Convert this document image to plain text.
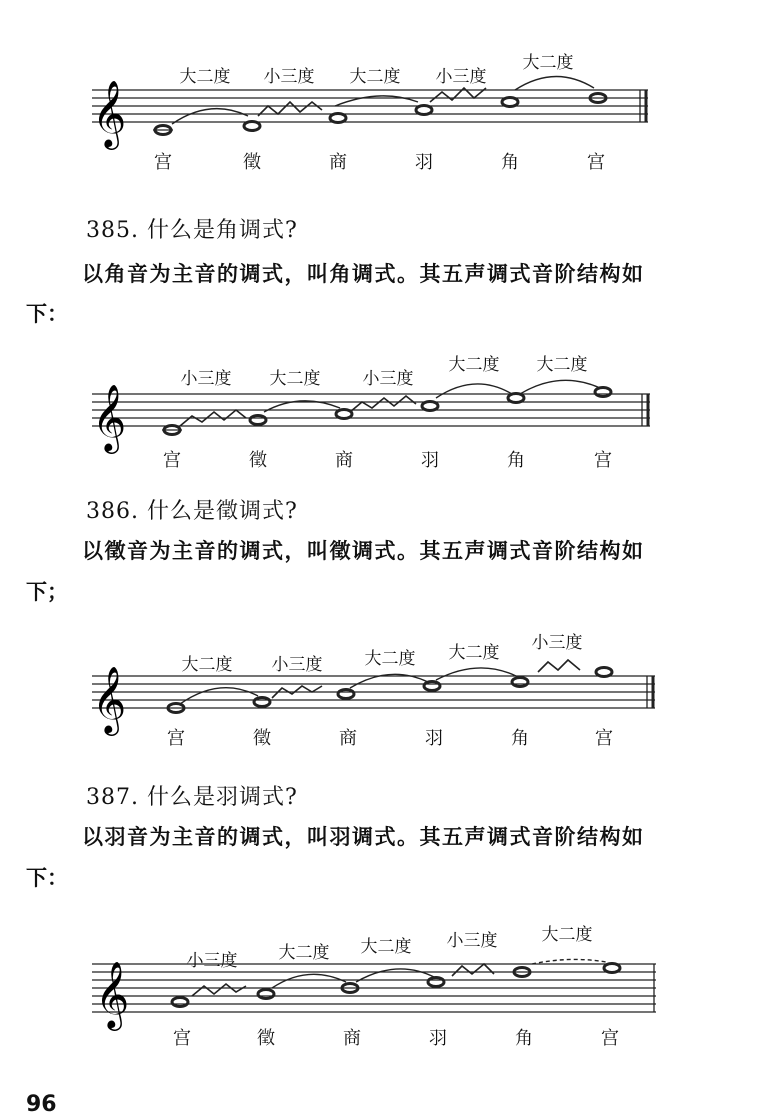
𝄞
大二度 小三度 大二度 小三度
大二度
宫	徵	商	羽	角	宫
385. 什么是角调式?
以角音为主音的调式，叫角调式。其五声调式音阶结构如
下：
𝄞
小三度 大二度 小三度
大二度 大二度
宫	徵	商	羽	角	宫
386. 什么是徵调式?
以徵音为主音的调式，叫徵调式。其五声调式音阶结构如
下；
𝄞	大二度 小三度 大二度 大二度 小三度
宫	徵	商	羽	角	宫
387. 什么是羽调式?
以羽音为主音的调式，叫羽调式。其五声调式音阶结构如
下：
𝄞	小三度 大二度 大二度 小三度	大二度
宫	徵	商	羽	角	宫
96
